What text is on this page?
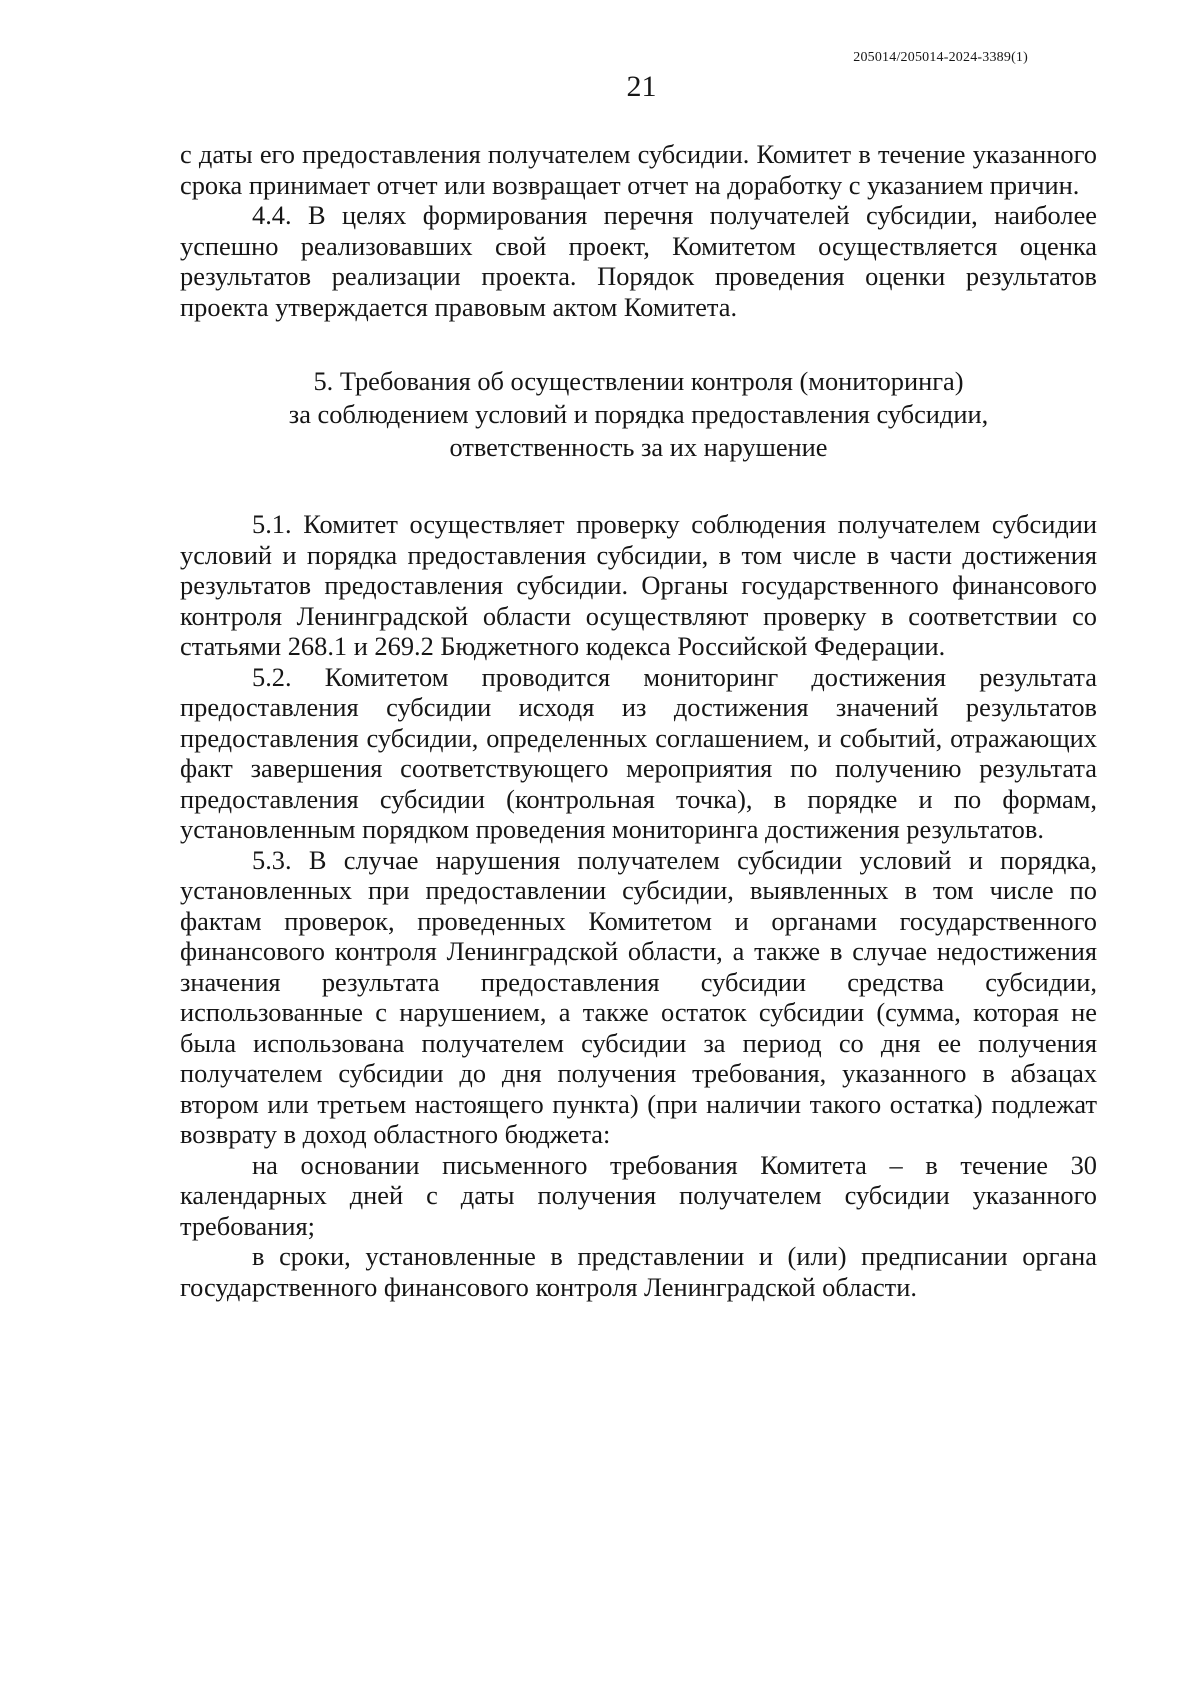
205014/205014-2024-3389(1)
21

с даты его предоставления получателем субсидии. Комитет в течение указанного срока принимает отчет или возвращает отчет на доработку с указанием причин.

4.4. В целях формирования перечня получателей субсидии, наиболее успешно реализовавших свой проект, Комитетом осуществляется оценка результатов реализации проекта. Порядок проведения оценки результатов проекта утверждается правовым актом Комитета.

5. Требования об осуществлении контроля (мониторинга)
за соблюдением условий и порядка предоставления субсидии,
ответственность за их нарушение

5.1. Комитет осуществляет проверку соблюдения получателем субсидии условий и порядка предоставления субсидии, в том числе в части достижения результатов предоставления субсидии. Органы государственного финансового контроля Ленинградской области осуществляют проверку в соответствии со статьями 268.1 и 269.2 Бюджетного кодекса Российской Федерации.

5.2. Комитетом проводится мониторинг достижения результата предоставления субсидии исходя из достижения значений результатов предоставления субсидии, определенных соглашением, и событий, отражающих факт завершения соответствующего мероприятия по получению результата предоставления субсидии (контрольная точка), в порядке и по формам, установленным порядком проведения мониторинга достижения результатов.

5.3. В случае нарушения получателем субсидии условий и порядка, установленных при предоставлении субсидии, выявленных в том числе по фактам проверок, проведенных Комитетом и органами государственного финансового контроля Ленинградской области, а также в случае недостижения значения результата предоставления субсидии средства субсидии, использованные с нарушением, а также остаток субсидии (сумма, которая не была использована получателем субсидии за период со дня ее получения получателем субсидии до дня получения требования, указанного в абзацах втором или третьем настоящего пункта) (при наличии такого остатка) подлежат возврату в доход областного бюджета:

на основании письменного требования Комитета – в течение 30 календарных дней с даты получения получателем субсидии указанного требования;

в сроки, установленные в представлении и (или) предписании органа государственного финансового контроля Ленинградской области.
